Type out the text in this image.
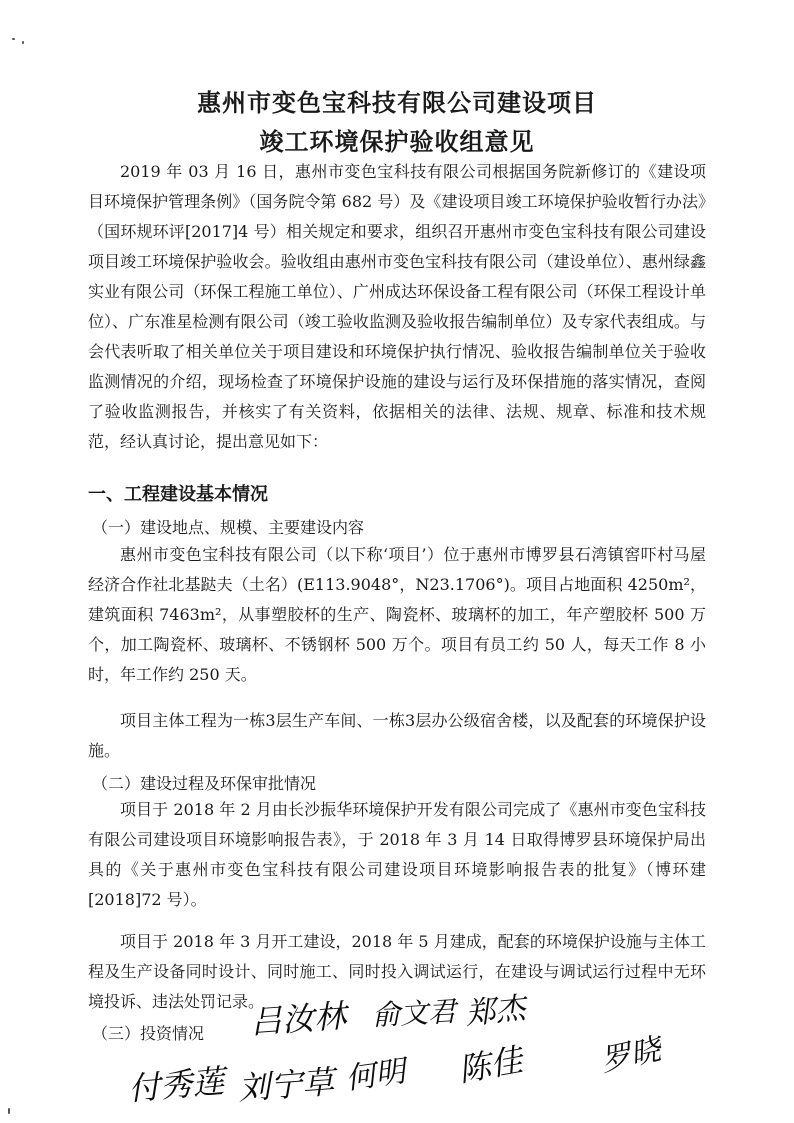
惠州市变色宝科技有限公司建设项目
竣工环境保护验收组意见

2019 年 03 月 16 日，惠州市变色宝科技有限公司根据国务院新修订的《建设项目环境保护管理条例》（国务院令第 682 号）及《建设项目竣工环境保护验收暂行办法》（国环规环评[2017]4 号）相关规定和要求，组织召开惠州市变色宝科技有限公司建设项目竣工环境保护验收会。验收组由惠州市变色宝科技有限公司（建设单位）、惠州绿鑫实业有限公司（环保工程施工单位）、广州成达环保设备工程有限公司（环保工程设计单位）、广东准星检测有限公司（竣工验收监测及验收报告编制单位）及专家代表组成。与会代表听取了相关单位关于项目建设和环境保护执行情况、验收报告编制单位关于验收监测情况的介绍，现场检查了环境保护设施的建设与运行及环保措施的落实情况，查阅了验收监测报告，并核实了有关资料，依据相关的法律、法规、规章、标准和技术规范，经认真讨论，提出意见如下：

一、工程建设基本情况
（一）建设地点、规模、主要建设内容

惠州市变色宝科技有限公司（以下称‘项目’）位于惠州市博罗县石湾镇窖吓村马屋经济合作社北基跶夫（土名）(E113.9048°，N23.1706°)。项目占地面积 4250m²，建筑面积 7463m²，从事塑胶杯的生产、陶瓷杯、玻璃杯的加工，年产塑胶杯 500 万个，加工陶瓷杯、玻璃杯、不锈钢杯 500 万个。项目有员工约 50 人，每天工作 8 小时，年工作约 250 天。

项目主体工程为一栋3层生产车间、一栋3层办公级宿舍楼，以及配套的环境保护设施。

（二）建设过程及环保审批情况

项目于 2018 年 2 月由长沙振华环境保护开发有限公司完成了《惠州市变色宝科技有限公司建设项目环境影响报告表》，于 2018 年 3 月 14 日取得博罗县环境保护局出具的《关于惠州市变色宝科技有限公司建设项目环境影响报告表的批复》（博环建[2018]72 号）。

项目于 2018 年 3 月开工建设，2018 年 5 月建成，配套的环境保护设施与主体工程及生产设备同时设计、同时施工、同时投入调试运行，在建设与调试运行过程中无环境投诉、违法处罚记录。

（三）投资情况 吕汝林 俞文君 郑杰
付秀莲 刘宁草 何明 陈佳 罗晓
